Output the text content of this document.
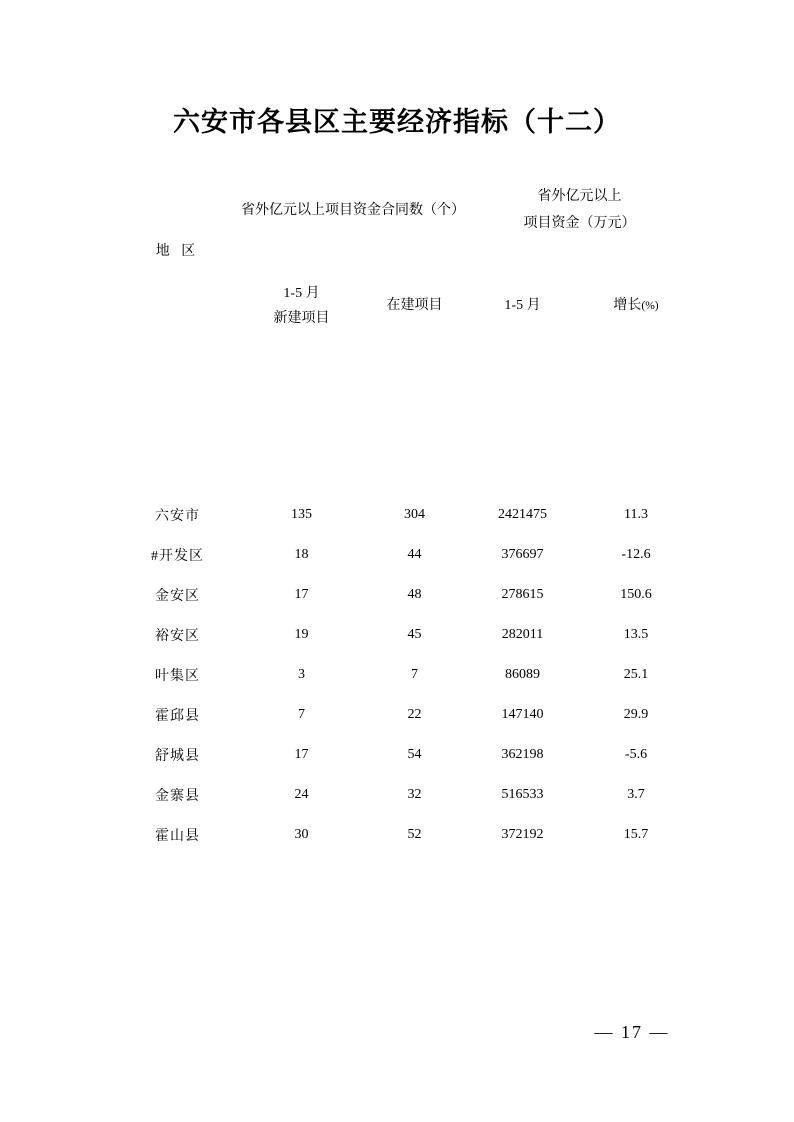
六安市各县区主要经济指标（十二）
地 区	省外亿元以上项目资金合同数（个）		省外亿元以上
项目资金（万元）	

	1-5 月
新建项目	在建项目	1-5 月	增长(%)

六安市	135	304	2421475	11.3
#开发区	18	44	376697	-12.6
金安区	17	48	278615	150.6
裕安区	19	45	282011	13.5
叶集区	3	7	86089	25.1
霍邱县	7	22	147140	29.9
舒城县	17	54	362198	-5.6
金寨县	24	32	516533	3.7
霍山县	30	52	372192	15.7

— 17 —
